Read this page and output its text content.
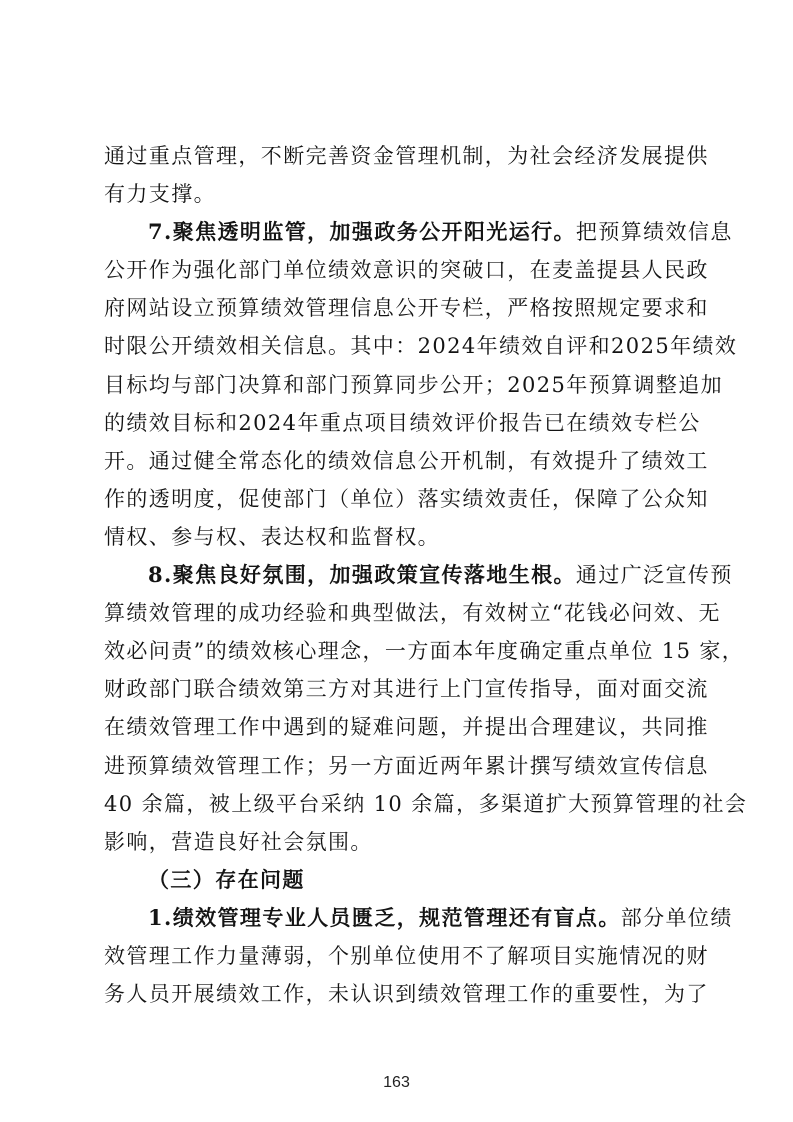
通过重点管理，不断完善资金管理机制，为社会经济发展提供
有力支撑。
7.聚焦透明监管，加强政务公开阳光运行。把预算绩效信息
公开作为强化部门单位绩效意识的突破口，在麦盖提县人民政
府网站设立预算绩效管理信息公开专栏，严格按照规定要求和
时限公开绩效相关信息。其中：2024年绩效自评和2025年绩效
目标均与部门决算和部门预算同步公开；2025年预算调整追加
的绩效目标和2024年重点项目绩效评价报告已在绩效专栏公
开。通过健全常态化的绩效信息公开机制，有效提升了绩效工
作的透明度，促使部门（单位）落实绩效责任，保障了公众知
情权、参与权、表达权和监督权。
8.聚焦良好氛围，加强政策宣传落地生根。通过广泛宣传预
算绩效管理的成功经验和典型做法，有效树立“花钱必问效、无
效必问责”的绩效核心理念，一方面本年度确定重点单位 15 家，
财政部门联合绩效第三方对其进行上门宣传指导，面对面交流
在绩效管理工作中遇到的疑难问题，并提出合理建议，共同推
进预算绩效管理工作；另一方面近两年累计撰写绩效宣传信息
40 余篇，被上级平台采纳 10 余篇，多渠道扩大预算管理的社会
影响，营造良好社会氛围。
（三）存在问题
1.绩效管理专业人员匮乏，规范管理还有盲点。部分单位绩
效管理工作力量薄弱，个别单位使用不了解项目实施情况的财
务人员开展绩效工作，未认识到绩效管理工作的重要性，为了
163
